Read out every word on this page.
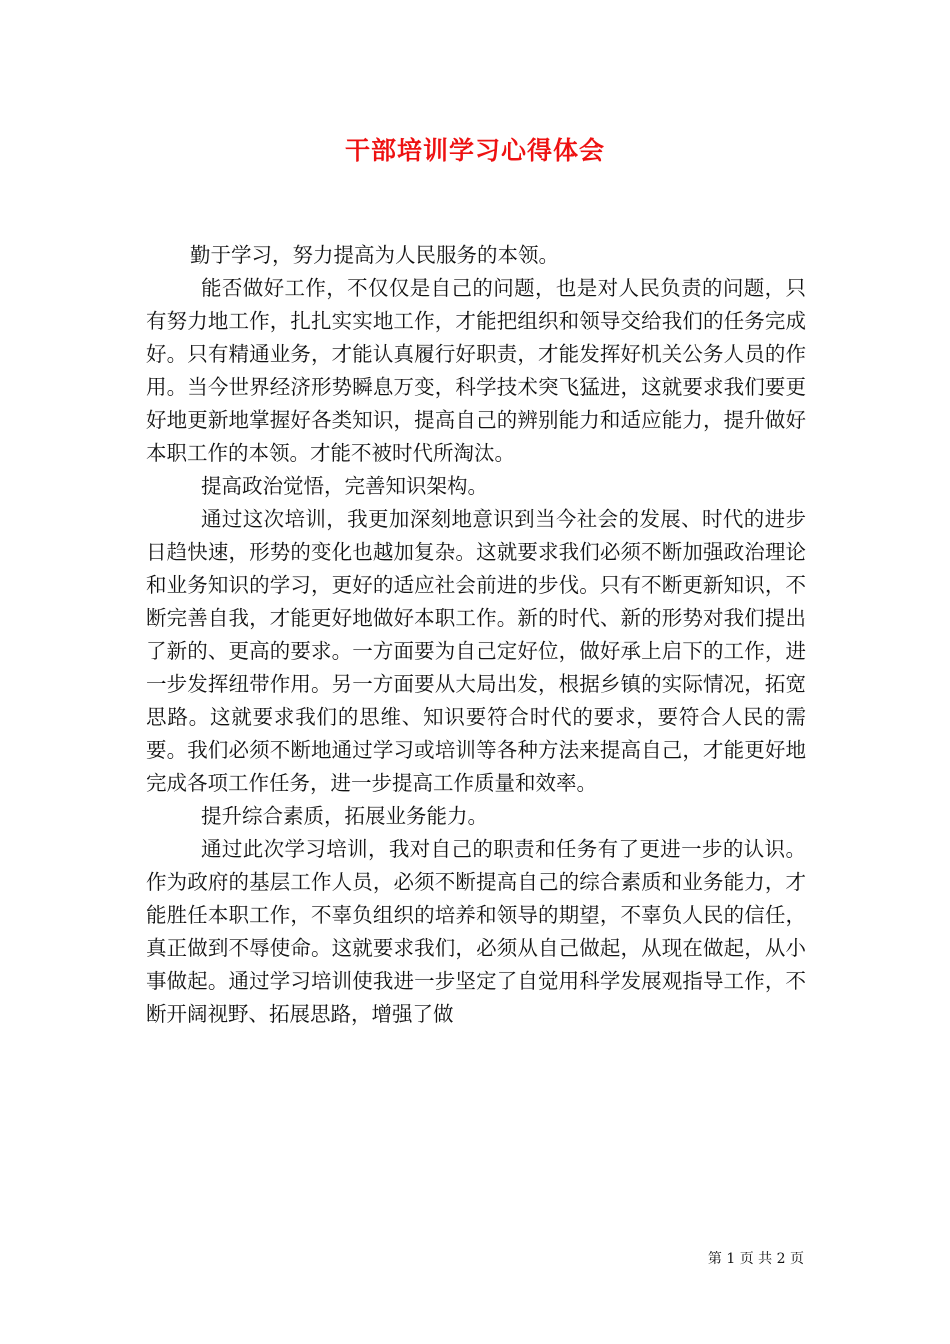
干部培训学习心得体会

勤于学习，努力提高为人民服务的本领。

能否做好工作，不仅仅是自己的问题，也是对人民负责的问题，只有努力地工作，扎扎实实地工作，才能把组织和领导交给我们的任务完成好。只有精通业务，才能认真履行好职责，才能发挥好机关公务人员的作用。当今世界经济形势瞬息万变，科学技术突飞猛进，这就要求我们要更好地更新地掌握好各类知识，提高自己的辨别能力和适应能力，提升做好本职工作的本领。才能不被时代所淘汰。

提高政治觉悟，完善知识架构。

通过这次培训，我更加深刻地意识到当今社会的发展、时代的进步日趋快速，形势的变化也越加复杂。这就要求我们必须不断加强政治理论和业务知识的学习，更好的适应社会前进的步伐。只有不断更新知识，不断完善自我，才能更好地做好本职工作。新的时代、新的形势对我们提出了新的、更高的要求。一方面要为自己定好位，做好承上启下的工作，进一步发挥纽带作用。另一方面要从大局出发，根据乡镇的实际情况，拓宽思路。这就要求我们的思维、知识要符合时代的要求，要符合人民的需要。我们必须不断地通过学习或培训等各种方法来提高自己，才能更好地完成各项工作任务，进一步提高工作质量和效率。

提升综合素质，拓展业务能力。

通过此次学习培训，我对自己的职责和任务有了更进一步的认识。作为政府的基层工作人员，必须不断提高自己的综合素质和业务能力，才能胜任本职工作，不辜负组织的培养和领导的期望，不辜负人民的信任，真正做到不辱使命。这就要求我们，必须从自己做起，从现在做起，从小事做起。通过学习培训使我进一步坚定了自觉用科学发展观指导工作，不断开阔视野、拓展思路，增强了做

第 1 页 共 2 页
